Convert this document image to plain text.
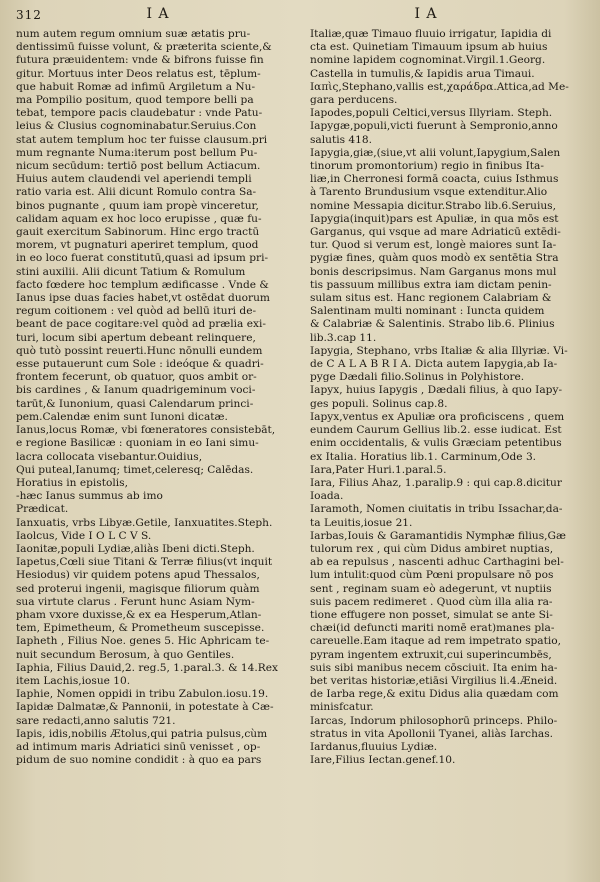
312	I A	I A
num autem regum omnium suæ ætatis pru-
dentissimū fuisse volunt, & præterita sciente,&
futura præuidentem: vnde & bifrons fuisse fin
gitur. Mortuus inter Deos relatus est, tēplum-
que habuit Romæ ad infimū Argiletum a Nu-
ma Pompilio positum, quod tempore belli pa
tebat, tempore pacis claudebatur : vnde Patu-
leius & Clusius cognominabatur.Seruius.Con
stat autem templum hoc ter fuisse clausum.pri
mum regnante Numa:iterum post bellum Pu-
nicum secūdum: tertiō post bellum Actiacum.
Huius autem claudendi vel aperiendi templi
ratio varia est. Alii dicunt Romulo contra Sa-
binos pugnante , quum iam propè vinceretur,
calidam aquam ex hoc loco erupisse , quæ fu-
gauit exercitum Sabinorum. Hinc ergo tractū
morem, vt pugnaturi aperiret templum, quod
in eo loco fuerat constitutū,quasi ad ipsum pri-
stini auxilii. Alii dicunt Tatium & Romulum
facto fœdere hoc templum ædificasse . Vnde &
Ianus ipse duas facies habet,vt ostēdat duorum
regum coitionem : vel quòd ad bellū ituri de-
beant de pace cogitare:vel quòd ad prælia exi-
turi, locum sibi apertum debeant relinquere,
quò tutò possint reuerti.Hunc nōnulli eundem
esse putauerunt cum Sole : ideóque & quadri-
frontem fecerunt, ob quatuor, quos ambit or-
bis cardines , & Ianum quadrigeminum voci-
tarūt,& Iunonium, quasi Calendarum princi-
pem.Calendæ enim sunt Iunoni dicatæ.
Ianus,locus Romæ, vbi fœneratores consistebāt,
e regione Basilicæ : quoniam in eo Iani simu-
lacra collocata visebantur.Ouidius,
Qui puteal,Ianumq; timet,celeresq; Calēdas.
Horatius in epistolis,
-hæc Ianus summus ab imo
Prædicat.
Ianxuatis, vrbs Libyæ.Getile, Ianxuatites.Steph.
Iaolcus, Vide I O L C V S.
Iaonitæ,populi Lydiæ,aliàs Ibeni dicti.Steph.
Iapetus,Cœli siue Titani & Terræ filius(vt inquit
Hesiodus) vir quidem potens apud Thessalos,
sed proterui ingenii, magisque filiorum quàm
sua virtute clarus . Ferunt hunc Asiam Nym-
pham vxore duxisse,& ex ea Hesperum,Atlan-
tem, Epimetheum, & Prometheum suscepisse.
Iapheth , Filius Noe. genes 5. Hic Aphricam te-
nuit secundum Berosum, à quo Gentiles.
Iaphia, Filius Dauid,2. reg.5, 1.paral.3. & 14.Rex
item Lachis,iosue 10.
Iaphie, Nomen oppidi in tribu Zabulon.iosu.19.
Iapidæ Dalmatæ,& Pannonii, in potestate à Cæ-
sare redacti,anno salutis 721.
Iapis, idis,nobilis Ætolus,qui patria pulsus,cùm
ad intimum maris Adriatici sinū venisset , op-
pidum de suo nomine condidit : à quo ea pars
Italiæ,quæ Timauo fluuio irrigatur, Iapidia di
cta est. Quinetiam Timauum ipsum ab huius
nomine lapidem cognominat.Virgil.1.Georg.
Castella in tumulis,& Iapidis arua Timaui.
Ιαπὶς,Stephano,vallis est,χαράδρα.Attica,ad Me-
gara perducens.
Iapodes,populi Celtici,versus Illyriam. Steph.
Iapygæ,populi,victi fuerunt à Sempronio,anno
salutis 418.
Iapygia,giæ,(siue,vt alii volunt,Iapygium,Salen
tinorum promontorium) regio in finibus Ita-
liæ,in Cherronesi formā coacta, cuius Isthmus
à Tarento Brundusium vsque extenditur.Alio
nomine Messapia dicitur.Strabo lib.6.Seruius,
Iapygia(inquit)pars est Apuliæ, in qua mōs est
Garganus, qui vsque ad mare Adriaticū extēdi-
tur. Quod si verum est, longè maiores sunt Ia-
pygiæ fines, quàm quos modò ex sentētia Stra
bonis descripsimus. Nam Garganus mons mul
tis passuum millibus extra iam dictam penin-
sulam situs est. Hanc regionem Calabriam &
Salentinam multi nominant : Iuncta quidem
& Calabriæ & Salentinis. Strabo lib.6. Plinius
lib.3.cap 11.
Iapygia, Stephano, vrbs Italiæ & alia Illyriæ. Vi-
de C A L A B R I A. Dicta autem Iapygia,ab Ia-
pyge Dædali filio.Solinus in Polyhistore.
Iapyx, huius Iapygis , Dædali filius, à quo Iapy-
ges populi. Solinus cap.8.
Iapyx,ventus ex Apuliæ ora proficiscens , quem
eundem Caurum Gellius lib.2. esse iudicat. Est
enim occidentalis, & vulis Græciam petentibus
ex Italia. Horatius lib.1. Carminum,Ode 3.
Iara,Pater Huri.1.paral.5.
Iara, Filius Ahaz, 1.paralip.9 : qui cap.8.dicitur
Ioada.
Iaramoth, Nomen ciuitatis in tribu Issachar,da-
ta Leuitis,iosue 21.
Iarbas,Iouis & Garamantidis Nymphæ filius,Gæ
tulorum rex , qui cùm Didus ambiret nuptias,
ab ea repulsus , nascenti adhuc Carthagini bel-
lum intulit:quod cùm Pœni propulsare nō pos
sent , reginam suam eò adegerunt, vt nuptiis
suis pacem redimeret . Quod cùm illa alia ra-
tione effugere non posset, simulat se ante Si-
chæi(id defuncti mariti nomē erat)manes pla-
careuelle.Eam itaque ad rem impetrato spatio,
pyram ingentem extruxit,cui superincumbēs,
suis sibi manibus necem cōsciuit. Ita enim ha-
bet veritas historiæ,etiāsi Virgilius li.4.Æneid.
de Iarba rege,& exitu Didus alia quædam com
minisfcatur.
Iarcas, Indorum philosophorū princeps. Philo-
stratus in vita Apollonii Tyanei, aliàs Iarchas.
Iardanus,fluuius Lydiæ.
Iare,Filius Iectan.genef.10.
